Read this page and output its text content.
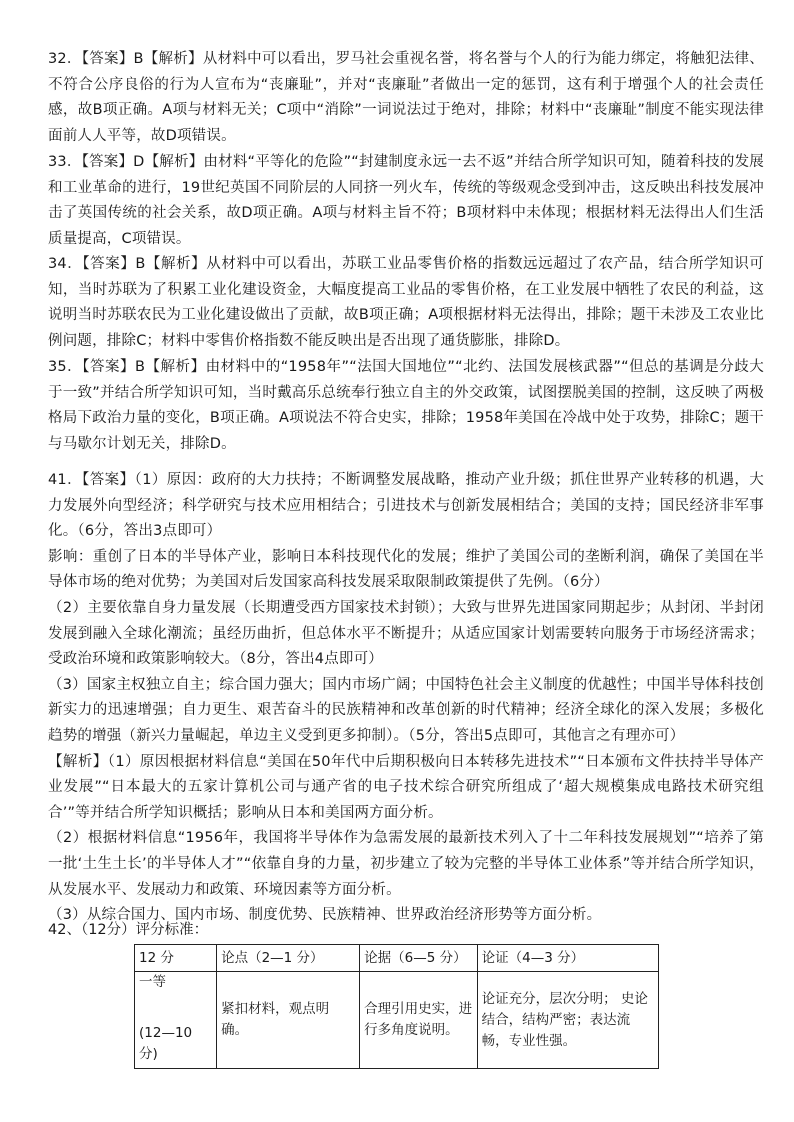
32．【答案】B【解析】从材料中可以看出，罗马社会重视名誉，将名誉与个人的行为能力绑定，将触犯法律、不符合公序良俗的行为人宣布为“丧廉耻”，并对“丧廉耻”者做出一定的惩罚，这有利于增强个人的社会责任感，故B项正确。A项与材料无关；C项中“消除”一词说法过于绝对，排除；材料中“丧廉耻”制度不能实现法律面前人人平等，故D项错误。

33．【答案】D【解析】由材料“平等化的危险”“封建制度永远一去不返”并结合所学知识可知，随着科技的发展和工业革命的进行，19世纪英国不同阶层的人同挤一列火车，传统的等级观念受到冲击，这反映出科技发展冲击了英国传统的社会关系，故D项正确。A项与材料主旨不符；B项材料中未体现；根据材料无法得出人们生活质量提高，C项错误。

34．【答案】B【解析】从材料中可以看出，苏联工业品零售价格的指数远远超过了农产品，结合所学知识可知，当时苏联为了积累工业化建设资金，大幅度提高工业品的零售价格，在工业发展中牺牲了农民的利益，这说明当时苏联农民为工业化建设做出了贡献，故B项正确；A项根据材料无法得出，排除；题干未涉及工农业比例问题，排除C；材料中零售价格指数不能反映出是否出现了通货膨胀，排除D。

35．【答案】B【解析】由材料中的“1958年”“法国大国地位”“北约、法国发展核武器”“但总的基调是分歧大于一致”并结合所学知识可知，当时戴高乐总统奉行独立自主的外交政策，试图摆脱美国的控制，这反映了两极格局下政治力量的变化，B项正确。A项说法不符合史实，排除；1958年美国在冷战中处于攻势，排除C；题干与马歇尔计划无关，排除D。

41．【答案】（1）原因：政府的大力扶持；不断调整发展战略，推动产业升级；抓住世界产业转移的机遇，大力发展外向型经济；科学研究与技术应用相结合；引进技术与创新发展相结合；美国的支持；国民经济非军事化。（6分，答出3点即可）
影响：重创了日本的半导体产业，影响日本科技现代化的发展；维护了美国公司的垄断利润，确保了美国在半导体市场的绝对优势；为美国对后发国家高科技发展采取限制政策提供了先例。（6分）
（2）主要依靠自身力量发展（长期遭受西方国家技术封锁）；大致与世界先进国家同期起步；从封闭、半封闭发展到融入全球化潮流；虽经历曲折，但总体水平不断提升；从适应国家计划需要转向服务于市场经济需求；受政治环境和政策影响较大。（8分，答出4点即可）
（3）国家主权独立自主；综合国力强大；国内市场广阔；中国特色社会主义制度的优越性；中国半导体科技创新实力的迅速增强；自力更生、艰苦奋斗的民族精神和改革创新的时代精神；经济全球化的深入发展；多极化趋势的增强（新兴力量崛起，单边主义受到更多抑制）。（5分，答出5点即可，其他言之有理亦可）
【解析】（1）原因根据材料信息“美国在50年代中后期积极向日本转移先进技术”“日本颁布文件扶持半导体产业发展”“日本最大的五家计算机公司与通产省的电子技术综合研究所组成了‘超大规模集成电路技术研究组合’”等并结合所学知识概括；影响从日本和美国两方面分析。
（2）根据材料信息“1956年，我国将半导体作为急需发展的最新技术列入了十二年科技发展规划”“培养了第一批‘土生土长’的半导体人才”“依靠自身的力量，初步建立了较为完整的半导体工业体系”等并结合所学知识，从发展水平、发展动力和政策、环境因素等方面分析。
（3）从综合国力、国内市场、制度优势、民族精神、世界政治经济形势等方面分析。

42、（12分）评分标准：

12 分	论点（2—1 分）	论据（6—5 分）	论证（4—3 分）

一等
(12—10 分)	紧扣材料，观点明确。	合理引用史实，进行多角度说明。	论证充分，层次分明； 史论结合，结构严密；表达流畅，专业性强。
